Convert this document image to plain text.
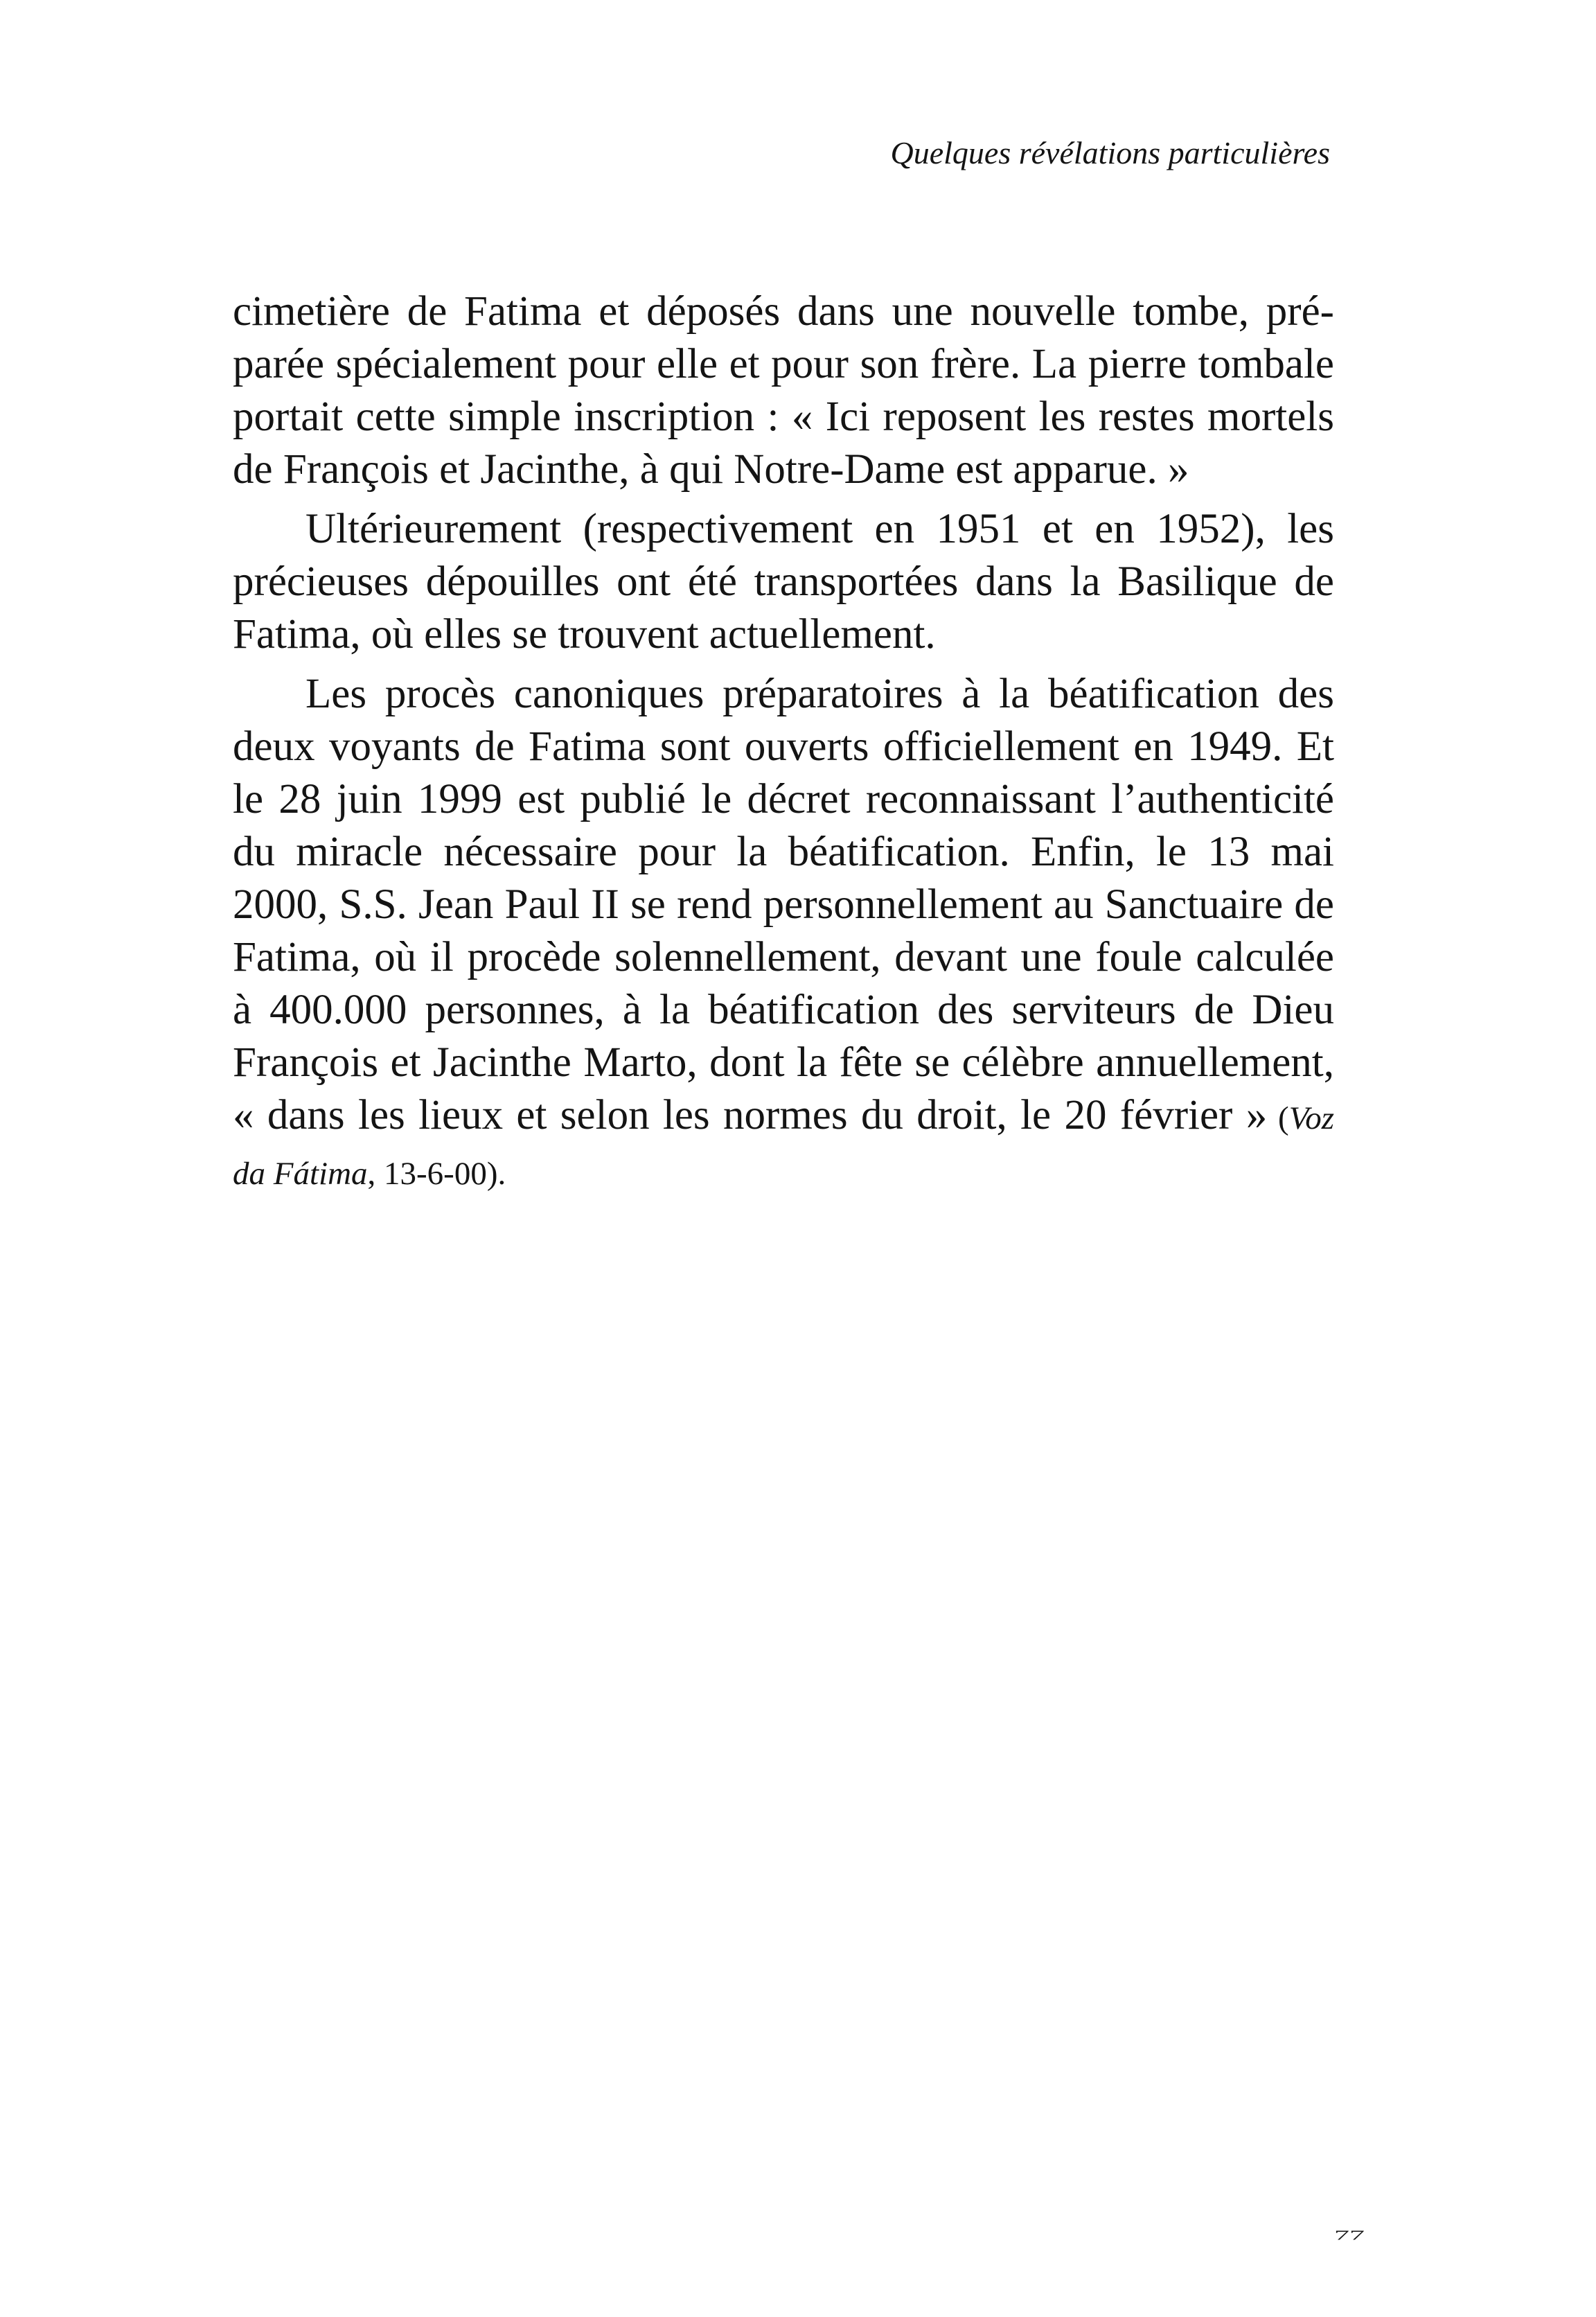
Quelques révélations particulières

cimetière de Fatima et déposés dans une nouvelle tombe, préparée spécialement pour elle et pour son frère. La pierre tombale portait cette simple inscription : « Ici reposent les restes mortels de François et Jacinthe, à qui Notre-Dame est apparue. »

Ultérieurement (respectivement en 1951 et en 1952), les précieuses dépouilles ont été transportées dans la Basilique de Fatima, où elles se trouvent actuellement.

Les procès canoniques préparatoires à la béatification des deux voyants de Fatima sont ouverts officiellement en 1949. Et le 28 juin 1999 est publié le décret reconnaissant l’authenticité du miracle nécessaire pour la béatification. Enfin, le 13 mai 2000, S.S. Jean Paul II se rend personnellement au Sanctuaire de Fatima, où il procède solennellement, devant une foule calculée à 400.000 personnes, à la béatification des serviteurs de Dieu François et Jacinthe Marto, dont la fête se célèbre annuellement, « dans les lieux et selon les normes du droit, le 20 février » (Voz da Fátima, 13-6-00).

77
